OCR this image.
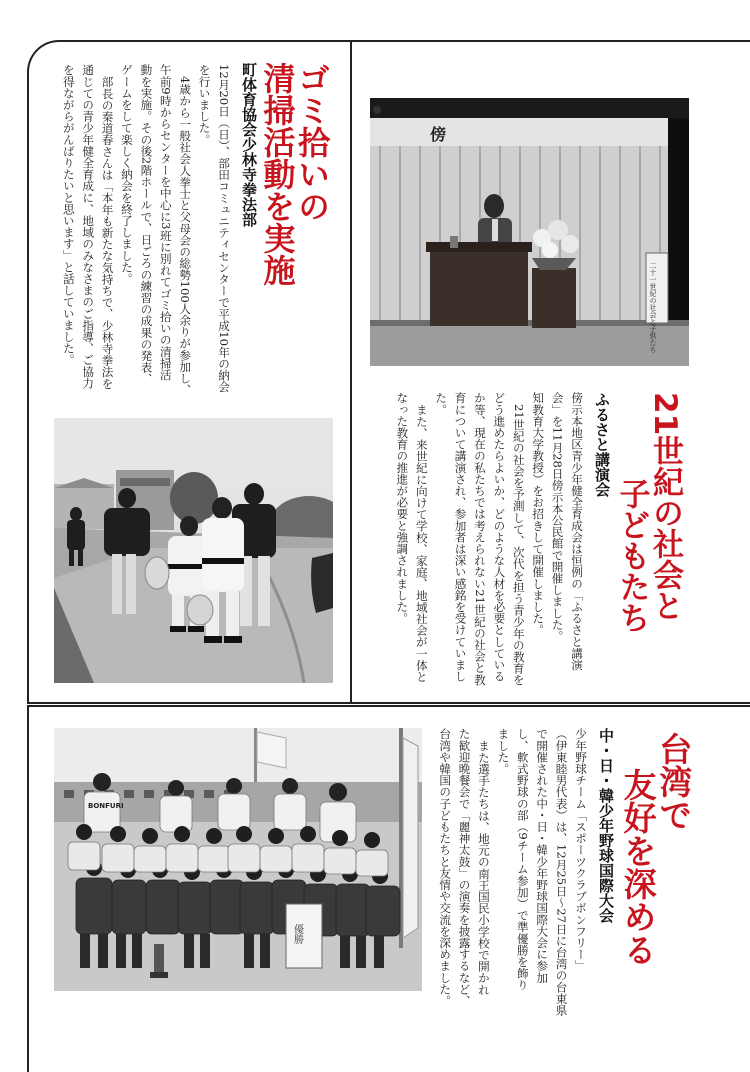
ゴミ拾いの
清掃活動を実施
町体育協会少林寺拳法部
12月20日（日）、部田コミュニティセンターで平成10年の納会
を行いました。
4歳から一般社会人拳士と父母会の総勢100人余りが参加し、
午前9時からセンターを中心に3班に別れてゴミ拾いの清掃活
動を実施。その後2階ホールで、日ごろの練習の成果の発表、
ゲームをして楽しく納会を終了しました。
部長の秦道春さんは「本年も新たな気持ちで、少林寺拳法を
通じての青少年健全育成に、地域のみなさまのご指導、ご協力
を得ながらがんばりたいと思います」と話していました。	傍
二十一世紀の社会と子供たち
21世紀の社会と
子どもたち
ふるさと講演会
傍示本地区青少年健全育成会は恒例の「ふるさと講演
会」を11月28日傍示本公民館で開催しました。
知教育大学教授）をお招きして開催しました。
21世紀の社会を予測して、次代を担う青少年の教育を
どう進めたらよいか、どのような人材を必要としている
か等、現在の私たちでは考えられない21世紀の社会と教
育について講演され、参加者は深い感銘を受けていまし
た。
また、来世紀に向けて学校、家庭、地域社会が一体と
なった教育の推進が必要と強調されました。
BONFURI
優勝
台湾で
友好を深める
中・日・韓少年野球国際大会
少年野球チーム「スポーツクラブボンフリー」
（伊東睦男代表）は、12月25日～27日に台湾の台東県
で開催された中・日・韓少年野球国際大会に参加
し、軟式野球の部（9チーム参加）で準優勝を飾り
ました。
また選手たちは、地元の南王国民小学校で開かれ
た歓迎晩餐会で「麗神太鼓」の演奏を披露するなど、
台湾や韓国の子どもたちと友情や交流を深めました。
